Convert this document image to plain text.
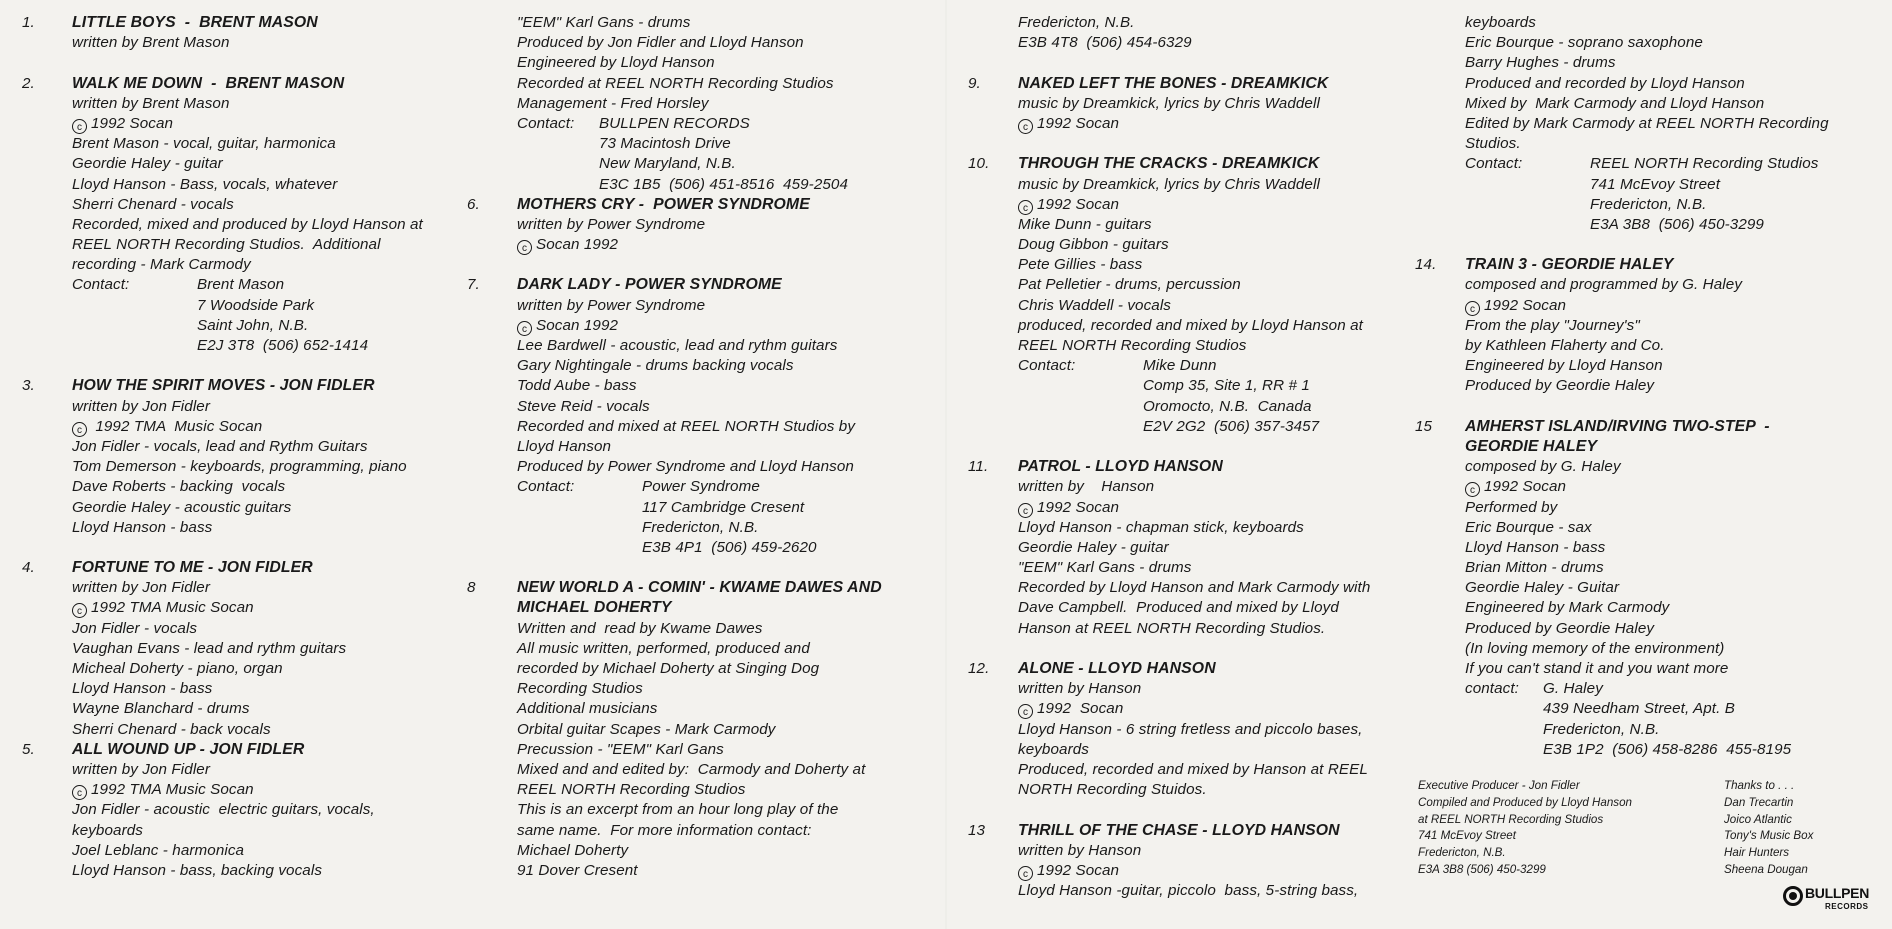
1. LITTLE BOYS  -  BRENT MASON
written by Brent Mason
2. WALK ME DOWN  -  BRENT MASON
written by Brent Mason
c 1992 Socan
Brent Mason - vocal, guitar, harmonica
Geordie Haley - guitar
Lloyd Hanson - Bass, vocals, whatever
Sherri Chenard - vocals
Recorded, mixed and produced by Lloyd Hanson at
REEL NORTH Recording Studios.  Additional
recording - Mark Carmody
Contact:	Brent Mason
7 Woodside Park
Saint John, N.B.
E2J 3T8  (506) 652-1414
3. HOW THE SPIRIT MOVES - JON FIDLER
written by Jon Fidler
c 1992 TMA  Music Socan
Jon Fidler - vocals, lead and Rythm Guitars
Tom Demerson - keyboards, programming, piano
Dave Roberts - backing  vocals
Geordie Haley - acoustic guitars
Lloyd Hanson - bass
4. FORTUNE TO ME - JON FIDLER
written by Jon Fidler
c 1992 TMA Music Socan
Jon Fidler - vocals
Vaughan Evans - lead and rythm guitars
Micheal Doherty - piano, organ
Lloyd Hanson - bass
Wayne Blanchard - drums
Sherri Chenard - back vocals
5. ALL WOUND UP - JON FIDLER
written by Jon Fidler
c 1992 TMA Music Socan
Jon Fidler - acoustic  electric guitars, vocals,
keyboards
Joel Leblanc - harmonica
Lloyd Hanson - bass, backing vocals
"EEM" Karl Gans - drums
Produced by Jon Fidler and Lloyd Hanson
Engineered by Lloyd Hanson
Recorded at REEL NORTH Recording Studios
Management - Fred Horsley
Contact: BULLPEN RECORDS
73 Macintosh Drive
New Maryland, N.B.
E3C 1B5  (506) 451-8516  459-2504
6. MOTHERS CRY -  POWER SYNDROME
written by Power Syndrome
c Socan 1992
7. DARK LADY - POWER SYNDROME
written by Power Syndrome
c Socan 1992
Lee Bardwell - acoustic, lead and rythm guitars
Gary Nightingale - drums backing vocals
Todd Aube - bass
Steve Reid - vocals
Recorded and mixed at REEL NORTH Studios by
Lloyd Hanson
Produced by Power Syndrome and Lloyd Hanson
Contact:	Power Syndrome
117 Cambridge Cresent
Fredericton, N.B.
E3B 4P1  (506) 459-2620
8	NEW WORLD A - COMIN' - KWAME DAWES AND
MICHAEL DOHERTY
Written and  read by Kwame Dawes
All music written, performed, produced and
recorded by Michael Doherty at Singing Dog
Recording Studios
Additional musicians
Orbital guitar Scapes - Mark Carmody
Precussion - "EEM" Karl Gans
Mixed and and edited by:  Carmody and Doherty at
REEL NORTH Recording Studios
This is an excerpt from an hour long play of the
same name.  For more information contact:
Michael Doherty
91 Dover Cresent
Fredericton, N.B.
E3B 4T8  (506) 454-6329
9. NAKED LEFT THE BONES - DREAMKICK
music by Dreamkick, lyrics by Chris Waddell
c 1992 Socan
10. THROUGH THE CRACKS - DREAMKICK
music by Dreamkick, lyrics by Chris Waddell
c 1992 Socan
Mike Dunn - guitars
Doug Gibbon - guitars
Pete Gillies - bass
Pat Pelletier - drums, percussion
Chris Waddell - vocals
produced, recorded and mixed by Lloyd Hanson at
REEL NORTH Recording Studios
Contact:	Mike Dunn
Comp 35, Site 1, RR # 1
Oromocto, N.B.  Canada
E2V 2G2  (506) 357-3457
11. PATROL - LLOYD HANSON
written by    Hanson
c 1992 Socan
Lloyd Hanson - chapman stick, keyboards
Geordie Haley - guitar
"EEM" Karl Gans - drums
Recorded by Lloyd Hanson and Mark Carmody with
Dave Campbell.  Produced and mixed by Lloyd
Hanson at REEL NORTH Recording Studios.
12. ALONE - LLOYD HANSON
written by Hanson
c 1992  Socan
Lloyd Hanson - 6 string fretless and piccolo bases,
keyboards
Produced, recorded and mixed by Hanson at REEL
NORTH Recording Stuidos.
13 THRILL OF THE CHASE - LLOYD HANSON
written by Hanson
c 1992 Socan
Lloyd Hanson -guitar, piccolo  bass, 5-string bass,
keyboards
Eric Bourque - soprano saxophone
Barry Hughes - drums
Produced and recorded by Lloyd Hanson
Mixed by  Mark Carmody and Lloyd Hanson
Edited by Mark Carmody at REEL NORTH Recording
Studios.
Contact:	REEL NORTH Recording Studios
741 McEvoy Street
Fredericton, N.B.
E3A 3B8  (506) 450-3299
14. TRAIN 3 - GEORDIE HALEY
composed and programmed by G. Haley
c 1992 Socan
From the play "Journey's"
by Kathleen Flaherty and Co.
Engineered by Lloyd Hanson
Produced by Geordie Haley
15 AMHERST ISLAND/IRVING TWO-STEP  -
GEORDIE HALEY
composed by G. Haley
c 1992 Socan
Performed by
Eric Bourque - sax
Lloyd Hanson - bass
Brian Mitton - drums
Geordie Haley - Guitar
Engineered by Mark Carmody
Produced by Geordie Haley
(In loving memory of the environment)
If you can't stand it and you want more
contact: G. Haley
439 Needham Street, Apt. B
Fredericton, N.B.
E3B 1P2  (506) 458-8286  455-8195
Executive Producer - Jon Fidler
Compiled and Produced by Lloyd Hanson
at REEL NORTH Recording Studios
741 McEvoy Street
Fredericton, N.B.
E3A 3B8 (506) 450-3299
Thanks to . . .
Dan Trecartin
Joico Atlantic
Tony's Music Box
Hair Hunters
Sheena Dougan
BULLPEN
RECORDS
